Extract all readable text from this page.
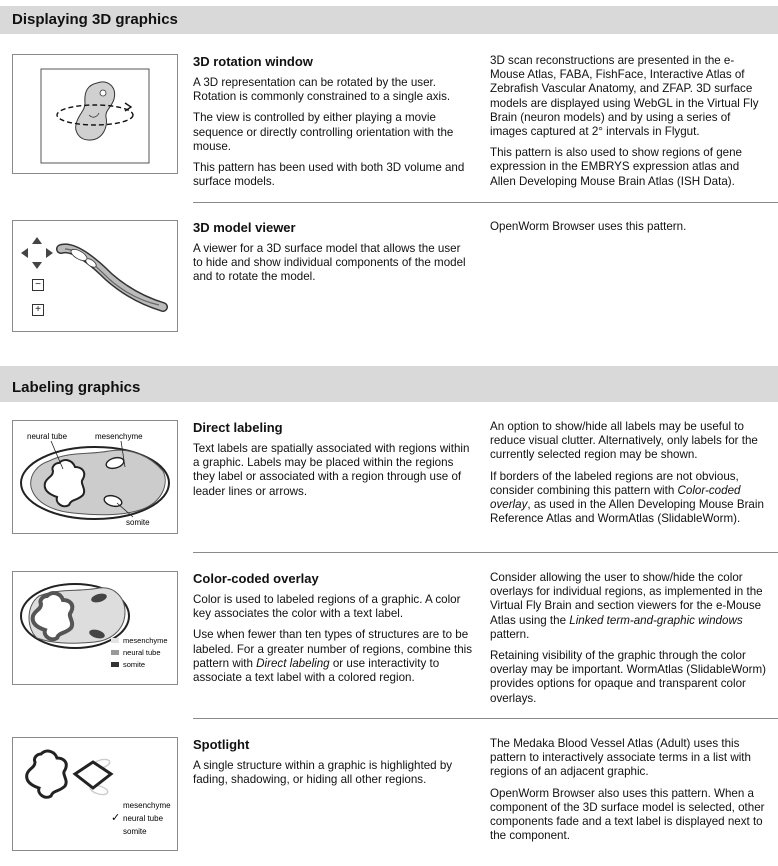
Displaying 3D graphics
3D rotation window

A 3D representation can be rotated by the user. Rotation is commonly constrained to a single axis.

The view is controlled by either playing a movie sequence or directly controlling orientation with the mouse.

This pattern has been used with both 3D volume and surface models.

3D scan reconstructions are presented in the e-Mouse Atlas, FABA, FishFace, Interactive Atlas of Zebrafish Vascular Anatomy, and ZFAP. 3D surface models are displayed using WebGL in the Virtual Fly Brain (neuron models) and by using a series of images captured at 2° intervals in Flygut.

This pattern is also used to show regions of gene expression in the EMBRYS expression atlas and Allen Developing Mouse Brain Atlas (ISH Data).

−
+
3D model viewer

A viewer for a 3D surface model that allows the user to hide and show individual components of the model and to rotate the model.

OpenWorm Browser uses this pattern.

Labeling graphics
neural tube	mesenchyme
somite
Direct labeling

Text labels are spatially associated with regions within a graphic. Labels may be placed within the regions they label or associated with a region through use of leader lines or arrows.

An option to show/hide all labels may be useful to reduce visual clutter. Alternatively, only labels for the currently selected region may be shown.

If borders of the labeled regions are not obvious, consider combining this pattern with Color-coded overlay, as used in the Allen Developing Mouse Brain Reference Atlas and WormAtlas (SlidableWorm).

mesenchyme
neural tube
somite
Color-coded overlay

Color is used to labeled regions of a graphic. A color key associates the color with a text label.

Use when fewer than ten types of structures are to be labeled. For a greater number of regions, combine this pattern with Direct labeling or use interactivity to associate a text label with a colored region.

Consider allowing the user to show/hide the color overlays for individual regions, as implemented in the Virtual Fly Brain and section viewers for the e-Mouse Atlas using the Linked term-and-graphic windows pattern.

Retaining visibility of the graphic through the color overlay may be important. WormAtlas (SlidableWorm) provides options for opaque and transparent color overlays.

mesenchyme
✓ neural tube
somite
Spotlight

A single structure within a graphic is highlighted by fading, shadowing, or hiding all other regions.

The Medaka Blood Vessel Atlas (Adult) uses this pattern to interactively associate terms in a list with regions of an adjacent graphic.

OpenWorm Browser also uses this pattern. When a component of the 3D surface model is selected, other components fade and a text label is displayed next to the component.
